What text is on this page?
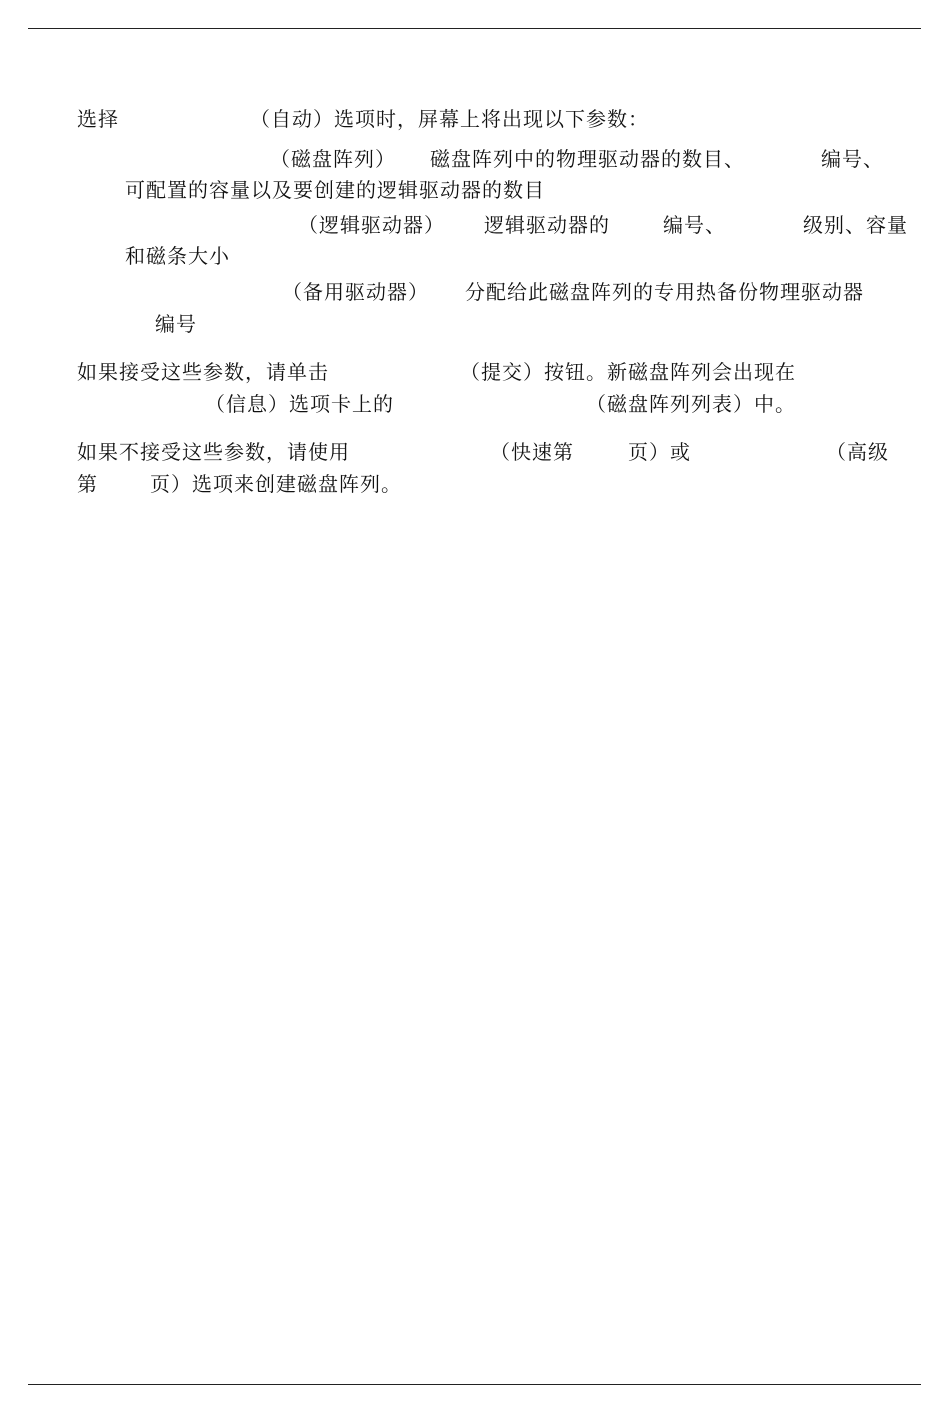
选择	（自动）选项时，屏幕上将出现以下参数：
（磁盘阵列） 磁盘阵列中的物理驱动器的数目、	编号、
可配置的容量以及要创建的逻辑驱动器的数目
（逻辑驱动器） 逻辑驱动器的	编号、	级别、容量
和磁条大小
（备用驱动器） 分配给此磁盘阵列的专用热备份物理驱动器
编号
如果接受这些参数，请单击	（提交）按钮。新磁盘阵列会出现在
（信息）选项卡上的	（磁盘阵列列表）中。
如果不接受这些参数，请使用	（快速第	页）或	（高级
第	页）选项来创建磁盘阵列。
